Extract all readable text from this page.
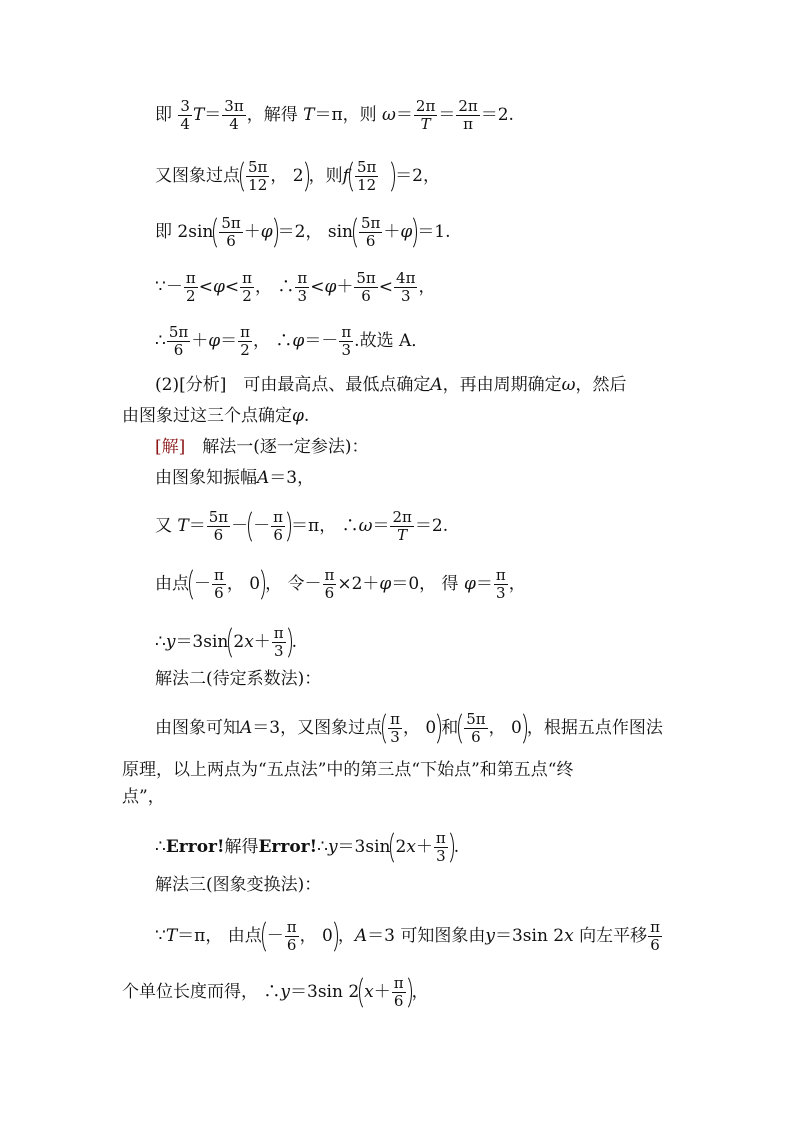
即 $\frac{3}{4} T= \frac{3\pi}{4}$ ，解得 T＝π，则 $\omega= \frac{2\pi}{T} = \frac{2\pi}{\pi} =2$.
又图象过点 $\frac{5\pi}{12}$ ， 2 ，则f $\frac{5\pi}{12} =2$，
即 $2\sin \frac{5\pi}{6} +\varphi =2$， $\sin \frac{5\pi}{6} +\varphi =1$.
∵－ $\frac{\pi}{2} <\varphi< \frac{\pi}{2}$ ， ∴ $\frac{\pi}{3} <\varphi+ \frac{5\pi}{6} < \frac{4\pi}{3}$ ，
∴ $\frac{5\pi}{6} +\varphi= \frac{\pi}{2}$ ， ∴φ＝－ $\frac{\pi}{3}$ .故选 A．
(2)[分析]　可由最高点、最低点确定A，再由周期确定ω，然后
由图象过这三个点确定φ.
[解]　解法一(逐一定参法)：
由图象知振幅A＝3，
又 $T= \frac{5\pi}{6}$ － － $\frac{\pi}{6} =\pi$， ∴ω＝ $\frac{2\pi}{T} =2$.
由点 － $\frac{\pi}{6}$ ， 0 ， 令－ $\frac{\pi}{6} \times 2+\varphi=0$， 得 $\varphi= \frac{\pi}{3}$ ，
∴y＝3sin $2x+ \frac{\pi}{3}$ .
解法二(待定系数法)：
由图象可知A＝3，又图象过点 $\frac{\pi}{3}$ ， 0 和 $\frac{5\pi}{6}$ ， 0 ，根据五点作图法
原理，以上两点为“五点法”中的第三点“下始点”和第五点“终
点”，
∴Error!解得Error!∴y＝3sin $2x+ \frac{\pi}{3}$ .
解法三(图象变换法)：
∵T＝π， 由点 － $\frac{\pi}{6}$ ， 0 ，A＝3 可知图象由y＝3sin 2x 向左平移 $\frac{\pi}{6}$
个单位长度而得， ∴y＝3sin 2 $x+ \frac{\pi}{6}$ ，
